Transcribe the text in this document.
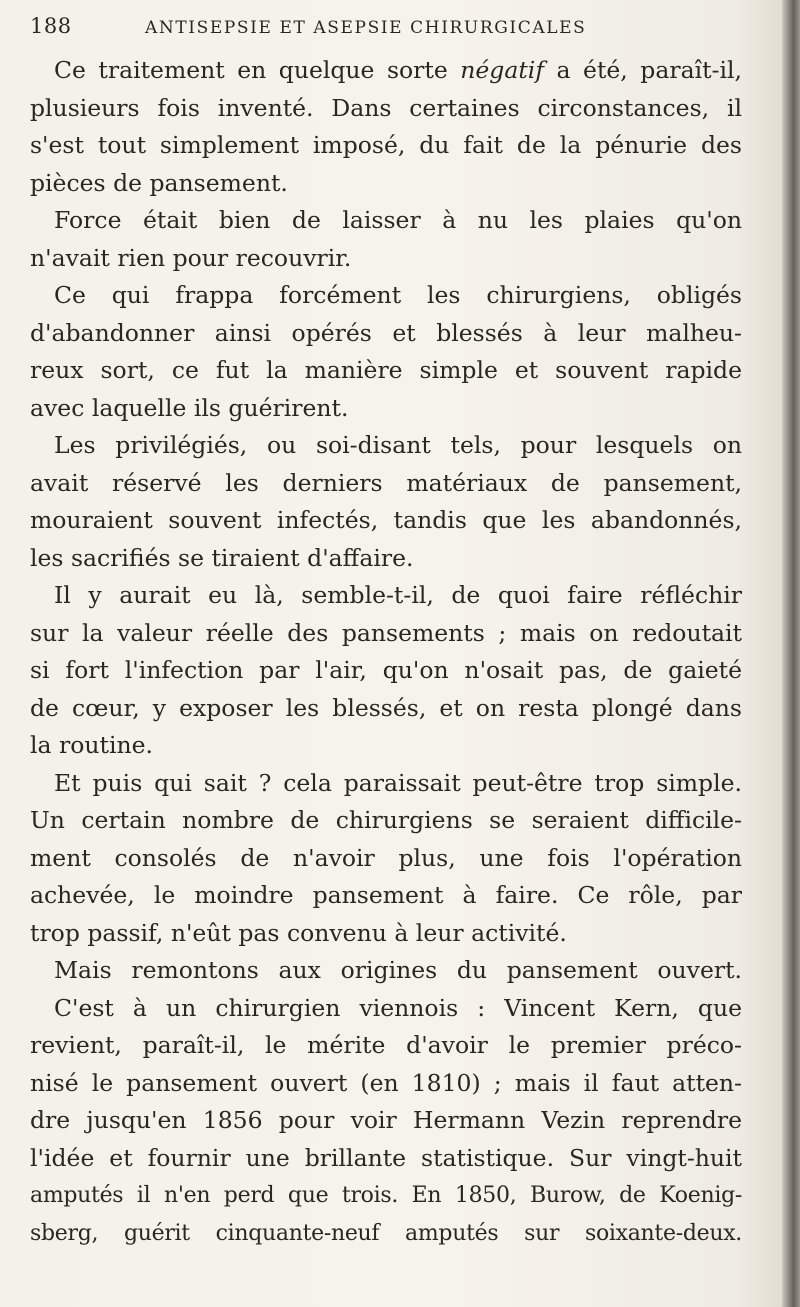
188	ANTISEPSIE ET ASEPSIE CHIRURGICALES
Ce traitement en quelque sorte négatif a été, paraît-il,
plusieurs fois inventé. Dans certaines circonstances, il
s'est tout simplement imposé, du fait de la pénurie des
pièces de pansement.
Force était bien de laisser à nu les plaies qu'on
n'avait rien pour recouvrir.
Ce qui frappa forcément les chirurgiens, obligés
d'abandonner ainsi opérés et blessés à leur malheu-
reux sort, ce fut la manière simple et souvent rapide
avec laquelle ils guérirent.
Les privilégiés, ou soi-disant tels, pour lesquels on
avait réservé les derniers matériaux de pansement,
mouraient souvent infectés, tandis que les abandonnés,
les sacrifiés se tiraient d'affaire.
Il y aurait eu là, semble-t-il, de quoi faire réfléchir
sur la valeur réelle des pansements ; mais on redoutait
si fort l'infection par l'air, qu'on n'osait pas, de gaieté
de cœur, y exposer les blessés, et on resta plongé dans
la routine.
Et puis qui sait ? cela paraissait peut-être trop simple.
Un certain nombre de chirurgiens se seraient difficile-
ment consolés de n'avoir plus, une fois l'opération
achevée, le moindre pansement à faire. Ce rôle, par
trop passif, n'eût pas convenu à leur activité.
Mais remontons aux origines du pansement ouvert.
C'est à un chirurgien viennois : Vincent Kern, que
revient, paraît-il, le mérite d'avoir le premier préco-
nisé le pansement ouvert (en 1810) ; mais il faut atten-
dre jusqu'en 1856 pour voir Hermann Vezin reprendre
l'idée et fournir une brillante statistique. Sur vingt-huit
amputés il n'en perd que trois. En 1850, Burow, de Koenig-
sberg, guérit cinquante-neuf amputés sur soixante-deux.
